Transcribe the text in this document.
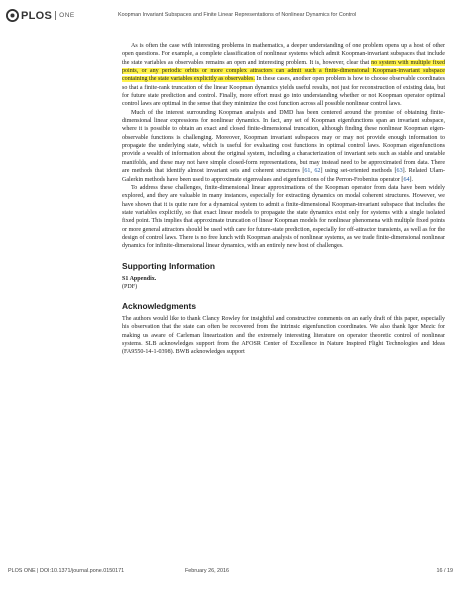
PLOS ONE	Koopman Invariant Subspaces and Finite Linear Representations of Nonlinear Dynamics for Control

As is often the case with interesting problems in mathematics, a deeper understanding of one problem opens up a host of other open questions. For example, a complete classification of nonlinear systems which admit Koopman-invariant subspaces that include the state variables as observables remains an open and interesting problem. It is, however, clear that no system with multiple fixed points, or any periodic orbits or more complex attractors can admit such a finite-dimensional Koopman-invariant subspace containing the state variables explicitly as observables. In these cases, another open problem is how to choose observable coordinates so that a finite-rank truncation of the linear Koopman dynamics yields useful results, not just for reconstruction of existing data, but for future state prediction and control. Finally, more effort must go into understanding whether or not Koopman operator optimal control laws are optimal in the sense that they minimize the cost function across all possible nonlinear control laws.

Much of the interest surrounding Koopman analysis and DMD has been centered around the promise of obtaining finite-dimensional linear expressions for nonlinear dynamics. In fact, any set of Koopman eigenfunctions span an invariant subspace, where it is possible to obtain an exact and closed finite-dimensional truncation, although finding these nonlinear Koopman eigen-observable functions is challenging. Moreover, Koopman invariant subspaces may or may not provide enough information to propagate the underlying state, which is useful for evaluating cost functions in optimal control laws. Koopman eigenfunctions provide a wealth of information about the original system, including a characterization of invariant sets such as stable and unstable manifolds, and these may not have simple closed-form representations, but may instead need to be approximated from data. There are methods that identify almost invariant sets and coherent structures [61, 62] using set-oriented methods [63]. Related Ulam-Galerkin methods have been used to approximate eigenvalues and eigenfunctions of the Perron-Frobenius operator [64].

To address these challenges, finite-dimensional linear approximations of the Koopman operator from data have been widely explored, and they are valuable in many instances, especially for extracting dynamics on modal coherent structures. However, we have shown that it is quite rare for a dynamical system to admit a finite-dimensional Koopman-invariant subspace that includes the state variables explicitly, so that exact linear models to propagate the state dynamics exist only for systems with a single isolated fixed point. This implies that approximate truncation of linear Koopman models for nonlinear phenomena with multiple fixed points or more general attractors should be used with care for future-state prediction, especially for off-attractor transients, as well as for the design of control laws. There is no free lunch with Koopman analysis of nonlinear systems, as we trade finite-dimensional nonlinear dynamics for infinite-dimensional linear dynamics, with an entirely new host of challenges.

Supporting Information

S1 Appendix.

(PDF)

Acknowledgments

The authors would like to thank Clancy Rowley for insightful and constructive comments on an early draft of this paper, especially his observation that the state can often be recovered from the intrinsic eigenfunction coordinates. We also thank Igor Mezic for making us aware of Carleman linearization and the extremely interesting literature on operator theoretic control of nonlinear systems. SLB acknowledges support from the AFOSR Center of Excellence in Nature Inspired Flight Technologies and Ideas (FA9550-14-1-0398). BWB acknowledges support

PLOS ONE | DOI:10.1371/journal.pone.0150171	February 26, 2016	16 / 19
